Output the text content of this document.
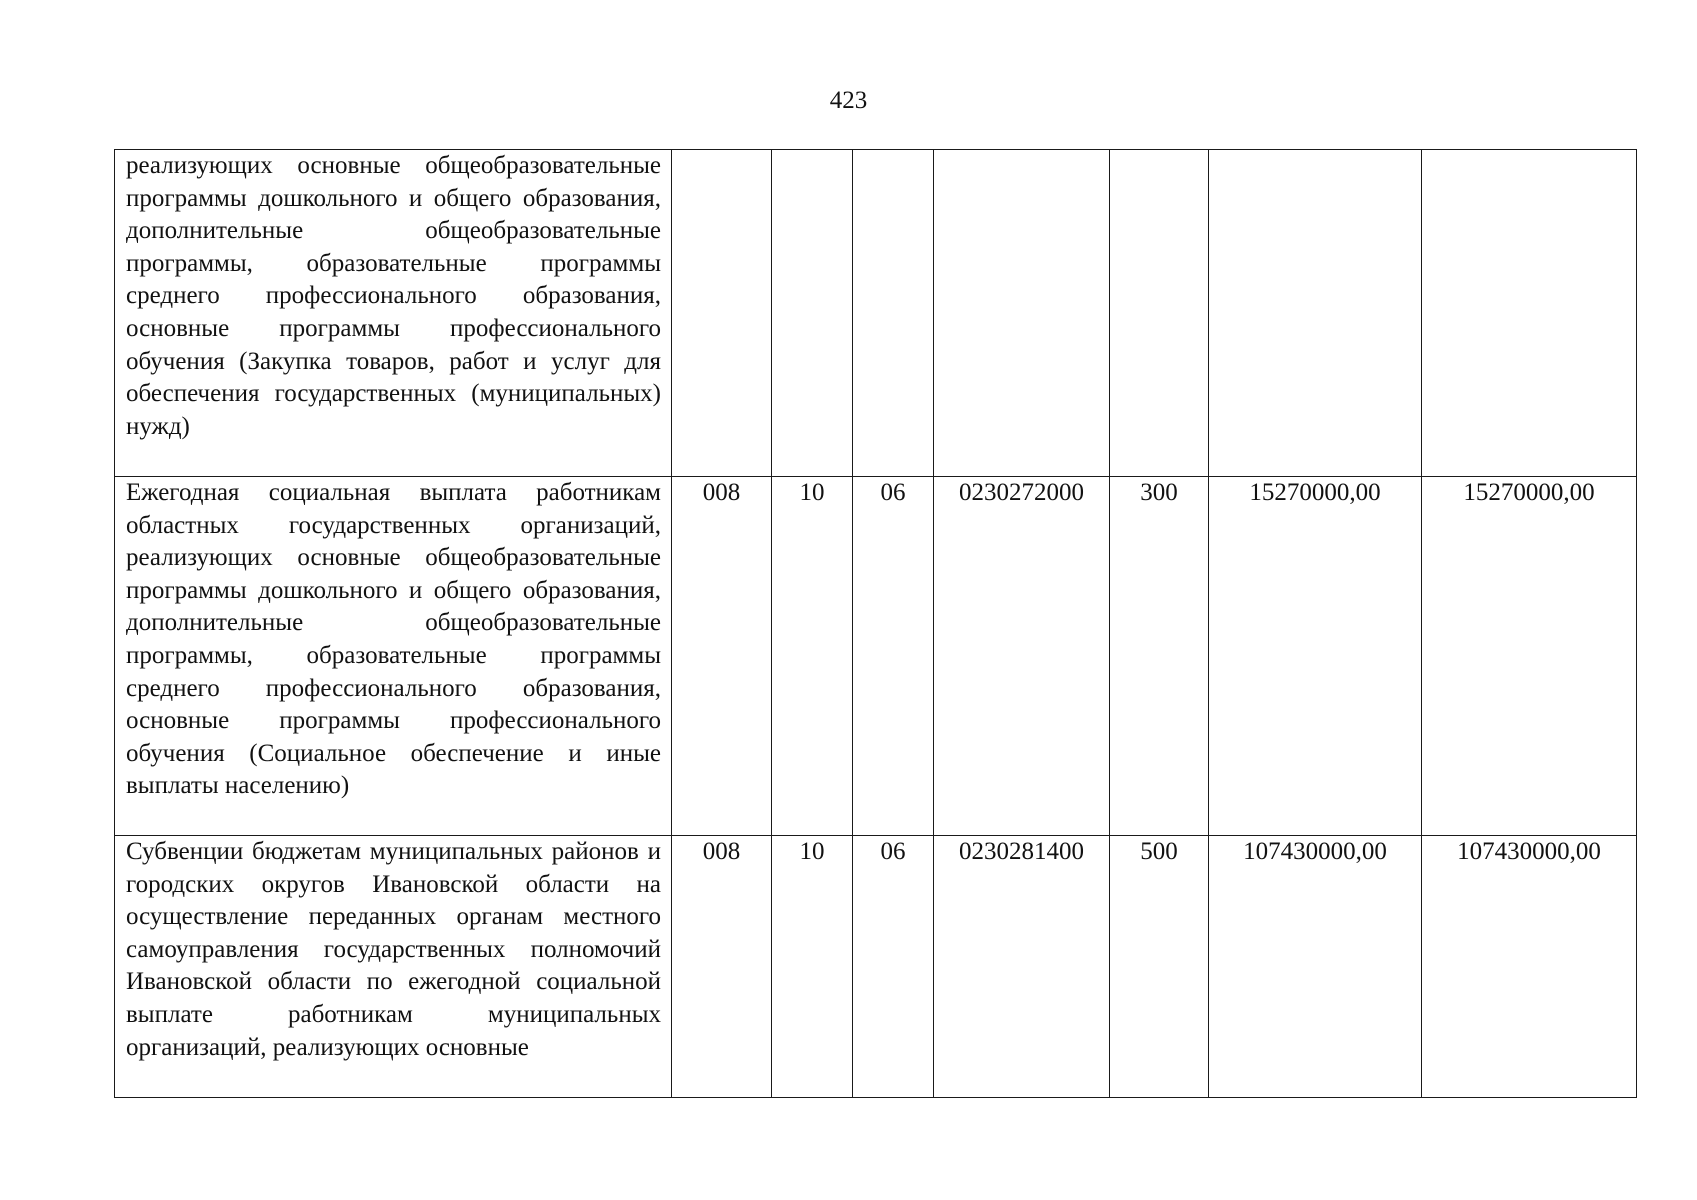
423
реализующих основные общеобразовательные программы дошкольного и общего образования, дополнительные общеобразовательные программы, образовательные программы среднего профессионального образования, основные программы профессионального обучения (Закупка товаров, работ и услуг для обеспечения государственных (муниципальных) нужд)							
Ежегодная социальная выплата работникам областных государственных организаций, реализующих основные общеобразовательные программы дошкольного и общего образования, дополнительные общеобразовательные программы, образовательные программы среднего профессионального образования, основные программы профессионального обучения (Социальное обеспечение и иные выплаты населению)	008	10	06	0230272000	300	15270000,00	15270000,00
Субвенции бюджетам муниципальных районов и городских округов Ивановской области на осуществление переданных органам местного самоуправления государственных полномочий Ивановской области по ежегодной социальной выплате работникам муниципальных организаций, реализующих основные	008	10	06	0230281400	500	107430000,00	107430000,00
